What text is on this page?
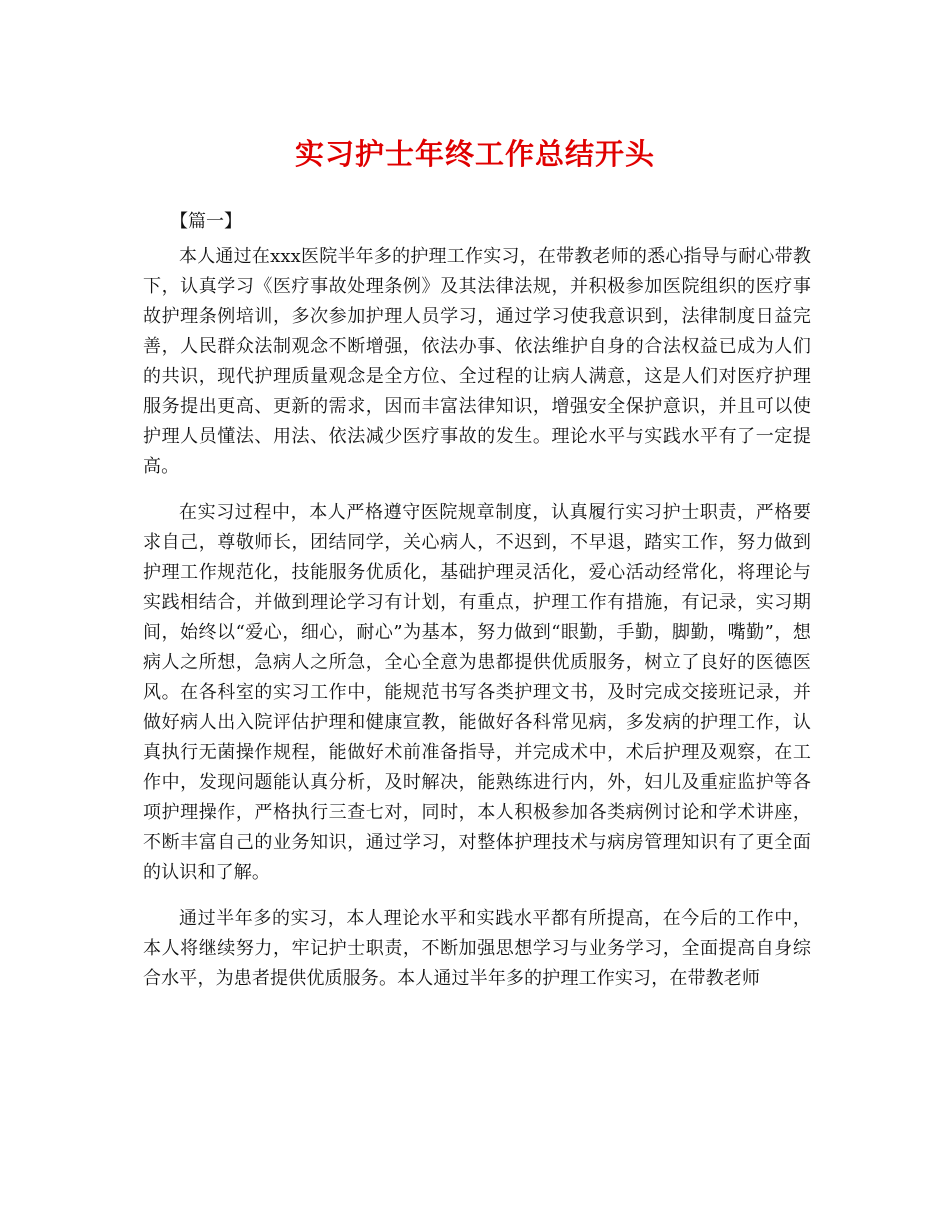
实习护士年终工作总结开头
【篇一】

本人通过在xxx医院半年多的护理工作实习，在带教老师的悉心指导与耐心带教下，认真学习《医疗事故处理条例》及其法律法规，并积极参加医院组织的医疗事故护理条例培训，多次参加护理人员学习，通过学习使我意识到，法律制度日益完善，人民群众法制观念不断增强，依法办事、依法维护自身的合法权益已成为人们的共识，现代护理质量观念是全方位、全过程的让病人满意，这是人们对医疗护理服务提出更高、更新的需求，因而丰富法律知识，增强安全保护意识，并且可以使护理人员懂法、用法、依法减少医疗事故的发生。理论水平与实践水平有了一定提高。

在实习过程中，本人严格遵守医院规章制度，认真履行实习护士职责，严格要求自己，尊敬师长，团结同学，关心病人，不迟到，不早退，踏实工作，努力做到护理工作规范化，技能服务优质化，基础护理灵活化，爱心活动经常化，将理论与实践相结合，并做到理论学习有计划，有重点，护理工作有措施，有记录，实习期间，始终以“爱心，细心，耐心”为基本，努力做到“眼勤，手勤，脚勤，嘴勤”，想病人之所想，急病人之所急，全心全意为患都提供优质服务，树立了良好的医德医风。在各科室的实习工作中，能规范书写各类护理文书，及时完成交接班记录，并做好病人出入院评估护理和健康宣教，能做好各科常见病，多发病的护理工作，认真执行无菌操作规程，能做好术前准备指导，并完成术中，术后护理及观察，在工作中，发现问题能认真分析，及时解决，能熟练进行内，外，妇儿及重症监护等各项护理操作，严格执行三查七对，同时，本人积极参加各类病例讨论和学术讲座，不断丰富自己的业务知识，通过学习，对整体护理技术与病房管理知识有了更全面的认识和了解。

通过半年多的实习，本人理论水平和实践水平都有所提高，在今后的工作中，本人将继续努力，牢记护士职责，不断加强思想学习与业务学习，全面提高自身综合水平，为患者提供优质服务。本人通过半年多的护理工作实习，在带教老师
